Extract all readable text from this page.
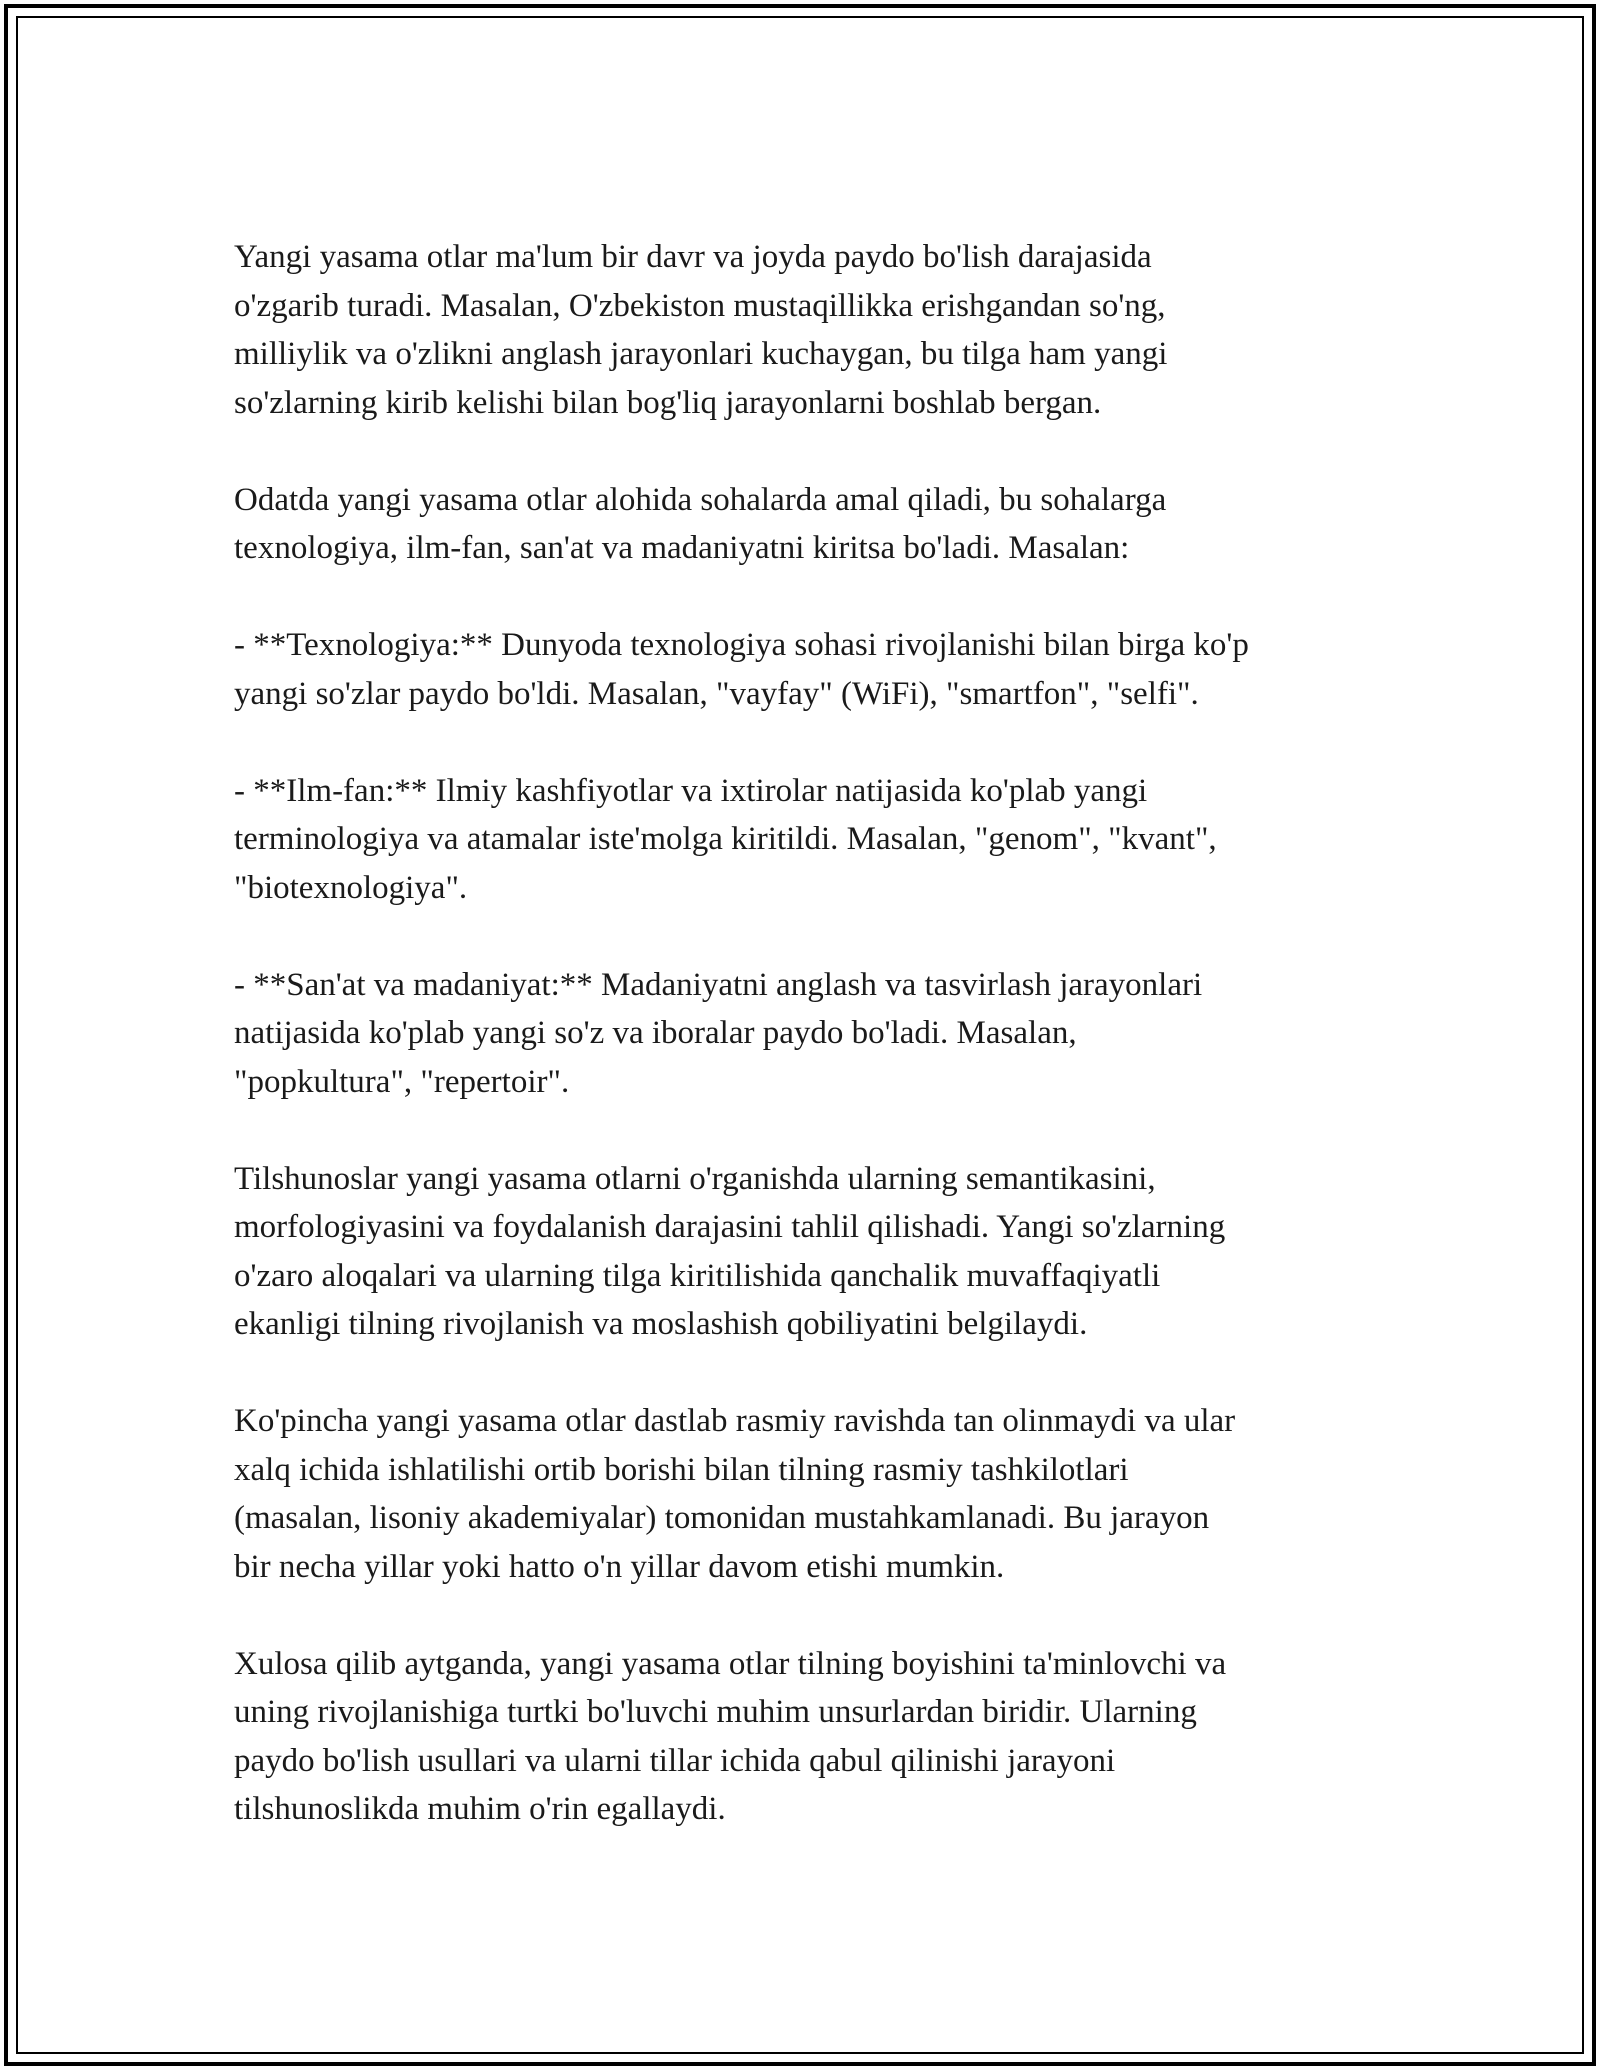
Yangi yasama otlar ma'lum bir davr va joyda paydo bo'lish darajasida
o'zgarib turadi. Masalan, O'zbekiston mustaqillikka erishgandan so'ng,
milliylik va o'zlikni anglash jarayonlari kuchaygan, bu tilga ham yangi
so'zlarning kirib kelishi bilan bog'liq jarayonlarni boshlab bergan.

Odatda yangi yasama otlar alohida sohalarda amal qiladi, bu sohalarga
texnologiya, ilm-fan, san'at va madaniyatni kiritsa bo'ladi. Masalan:

- **Texnologiya:** Dunyoda texnologiya sohasi rivojlanishi bilan birga ko'p
yangi so'zlar paydo bo'ldi. Masalan, "vayfay" (WiFi), "smartfon", "selfi".

- **Ilm-fan:** Ilmiy kashfiyotlar va ixtirolar natijasida ko'plab yangi
terminologiya va atamalar iste'molga kiritildi. Masalan, "genom", "kvant",
"biotexnologiya".

- **San'at va madaniyat:** Madaniyatni anglash va tasvirlash jarayonlari
natijasida ko'plab yangi so'z va iboralar paydo bo'ladi. Masalan,
"popkultura", "repertoir".

Tilshunoslar yangi yasama otlarni o'rganishda ularning semantikasini,
morfologiyasini va foydalanish darajasini tahlil qilishadi. Yangi so'zlarning
o'zaro aloqalari va ularning tilga kiritilishida qanchalik muvaffaqiyatli
ekanligi tilning rivojlanish va moslashish qobiliyatini belgilaydi.

Ko'pincha yangi yasama otlar dastlab rasmiy ravishda tan olinmaydi va ular
xalq ichida ishlatilishi ortib borishi bilan tilning rasmiy tashkilotlari
(masalan, lisoniy akademiyalar) tomonidan mustahkamlanadi. Bu jarayon
bir necha yillar yoki hatto o'n yillar davom etishi mumkin.

Xulosa qilib aytganda, yangi yasama otlar tilning boyishini ta'minlovchi va
uning rivojlanishiga turtki bo'luvchi muhim unsurlardan biridir. Ularning
paydo bo'lish usullari va ularni tillar ichida qabul qilinishi jarayoni
tilshunoslikda muhim o'rin egallaydi.
